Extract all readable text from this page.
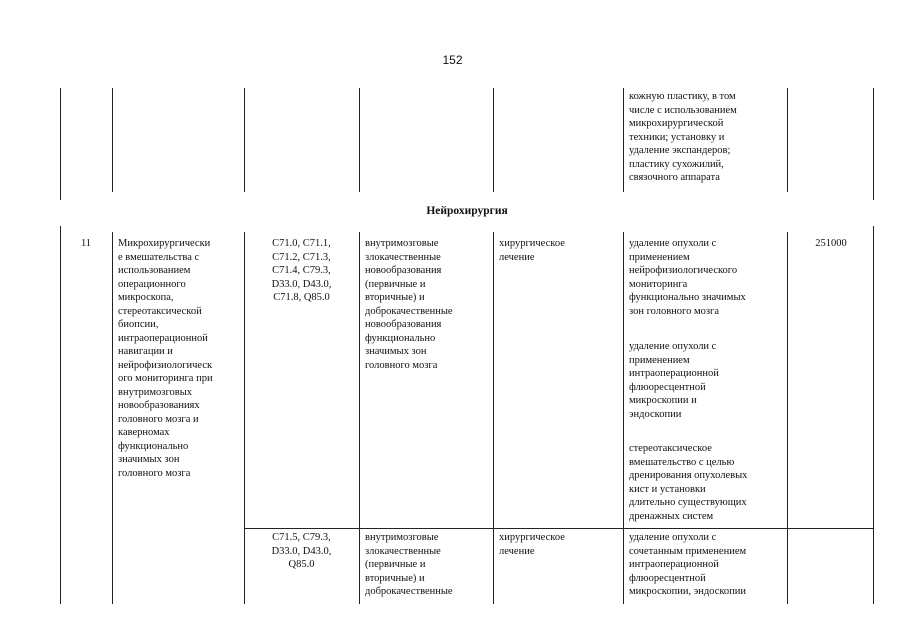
152
кожную пластику, в том
числе с использованием
микрохирургической
техники; установку и
удаление экспандеров;
пластику сухожилий,
связочного аппарата
Нейрохирургия
11	Микрохирургически
е вмешательства с
использованием
операционного
микроскопа,
стереотаксической
биопсии,
интраоперационной
навигации и
нейрофизиологическ
ого мониторинга при
внутримозговых
новообразованиях
головного мозга и
каверномах
функционально
значимых зон
головного мозга
251000
C71.0, C71.1,
C71.2, C71.3,
C71.4, C79.3,
D33.0, D43.0,
C71.8, Q85.0
внутримозговые
злокачественные
новообразования
(первичные и
вторичные) и
доброкачественные
новообразования
функционально
значимых зон
головного мозга
хирургическое
лечение
удаление опухоли с
применением
нейрофизиологического
мониторинга
функционально значимых
зон головного мозга
удаление опухоли с
применением
интраоперационной
флюоресцентной
микроскопии и
эндоскопии
стереотаксическое
вмешательство с целью
дренирования опухолевых
кист и установки
длительно существующих
дренажных систем
C71.5, C79.3,
D33.0, D43.0,
Q85.0
внутримозговые
злокачественные
(первичные и
вторичные) и
доброкачественные
хирургическое
лечение
удаление опухоли с
сочетанным применением
интраоперационной
флюоресцентной
микроскопии, эндоскопии
